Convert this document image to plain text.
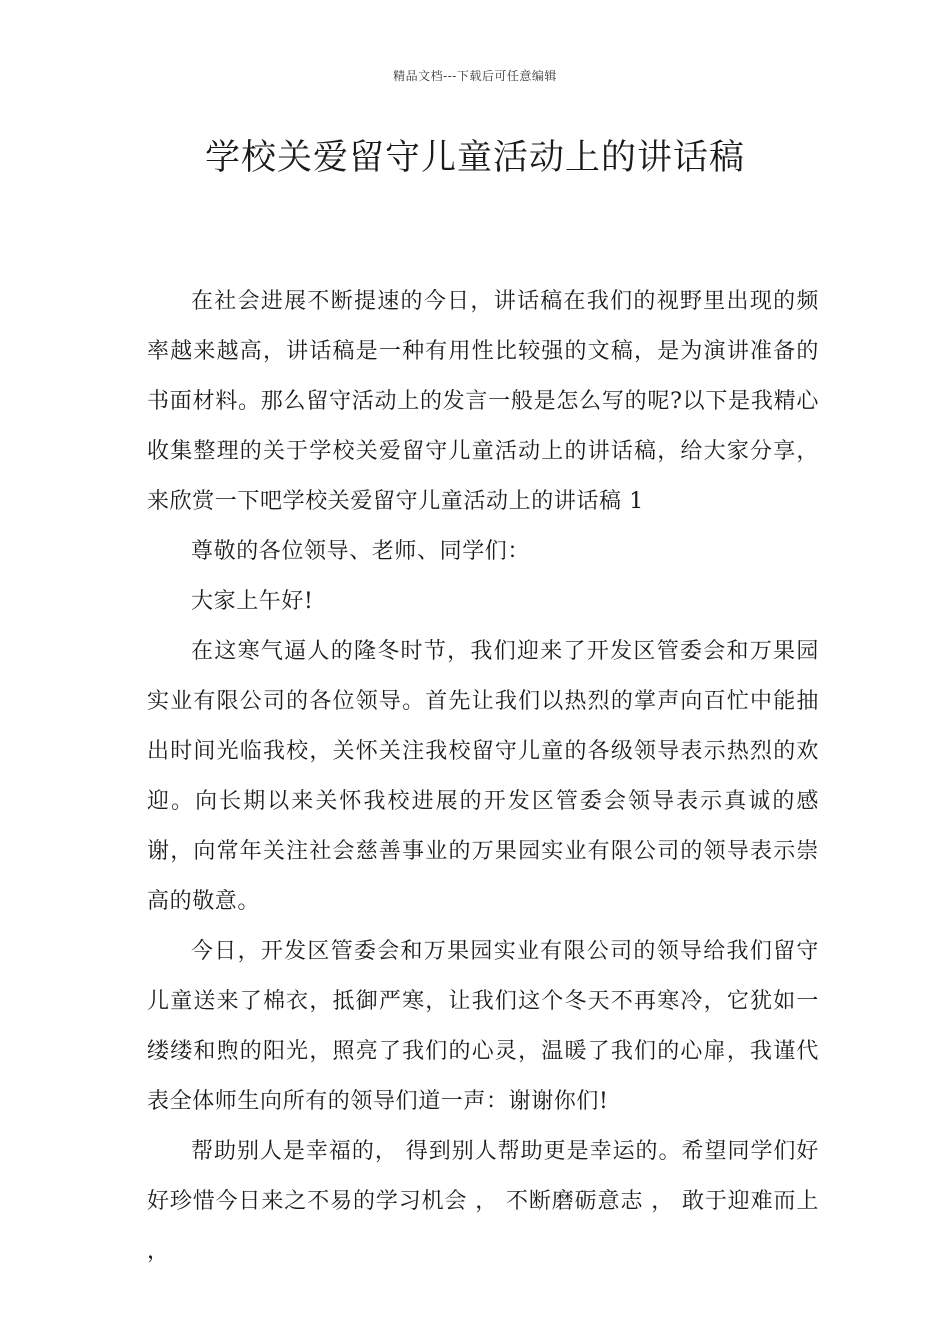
精品文档---下载后可任意编辑
学校关爱留守儿童活动上的讲话稿

在社会进展不断提速的今日，讲话稿在我们的视野里出现的频率越来越高，讲话稿是一种有用性比较强的文稿，是为演讲准备的书面材料。那么留守活动上的发言一般是怎么写的呢?以下是我精心收集整理的关于学校关爱留守儿童活动上的讲话稿，给大家分享，来欣赏一下吧学校关爱留守儿童活动上的讲话稿 1

尊敬的各位领导、老师、同学们：

大家上午好!

在这寒气逼人的隆冬时节，我们迎来了开发区管委会和万果园实业有限公司的各位领导。首先让我们以热烈的掌声向百忙中能抽出时间光临我校，关怀关注我校留守儿童的各级领导表示热烈的欢迎。向长期以来关怀我校进展的开发区管委会领导表示真诚的感谢，向常年关注社会慈善事业的万果园实业有限公司的领导表示崇高的敬意。

今日，开发区管委会和万果园实业有限公司的领导给我们留守儿童送来了棉衣，抵御严寒，让我们这个冬天不再寒冷，它犹如一缕缕和煦的阳光，照亮了我们的心灵，温暖了我们的心扉，我谨代表全体师生向所有的领导们道一声：谢谢你们!

帮助别人是幸福的， 得到别人帮助更是幸运的。希望同学们好好珍惜今日来之不易的学习机会 ， 不断磨砺意志 ， 敢于迎难而上 ，
